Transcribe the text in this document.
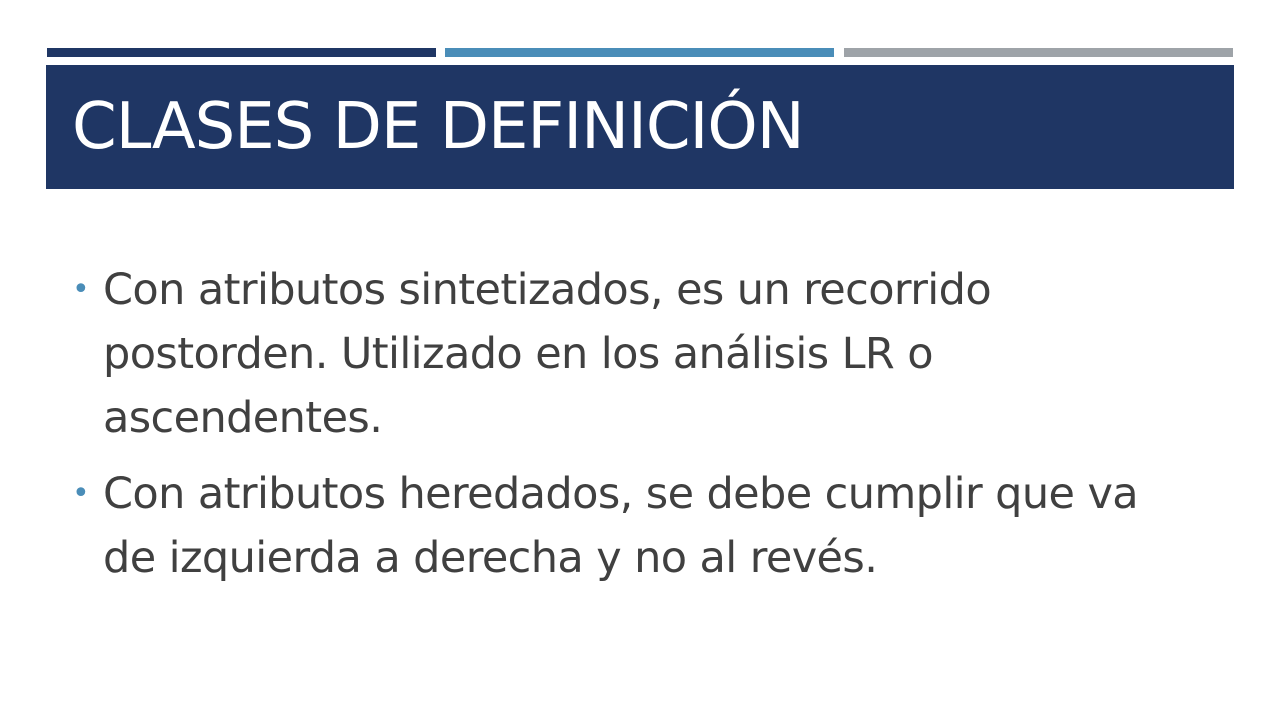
CLASES DE DEFINICIÓN
• Con atributos sintetizados, es un recorrido postorden. Utilizado en los análisis LR o ascendentes.
• Con atributos heredados, se debe cumplir que va de izquierda a derecha y no al revés.
